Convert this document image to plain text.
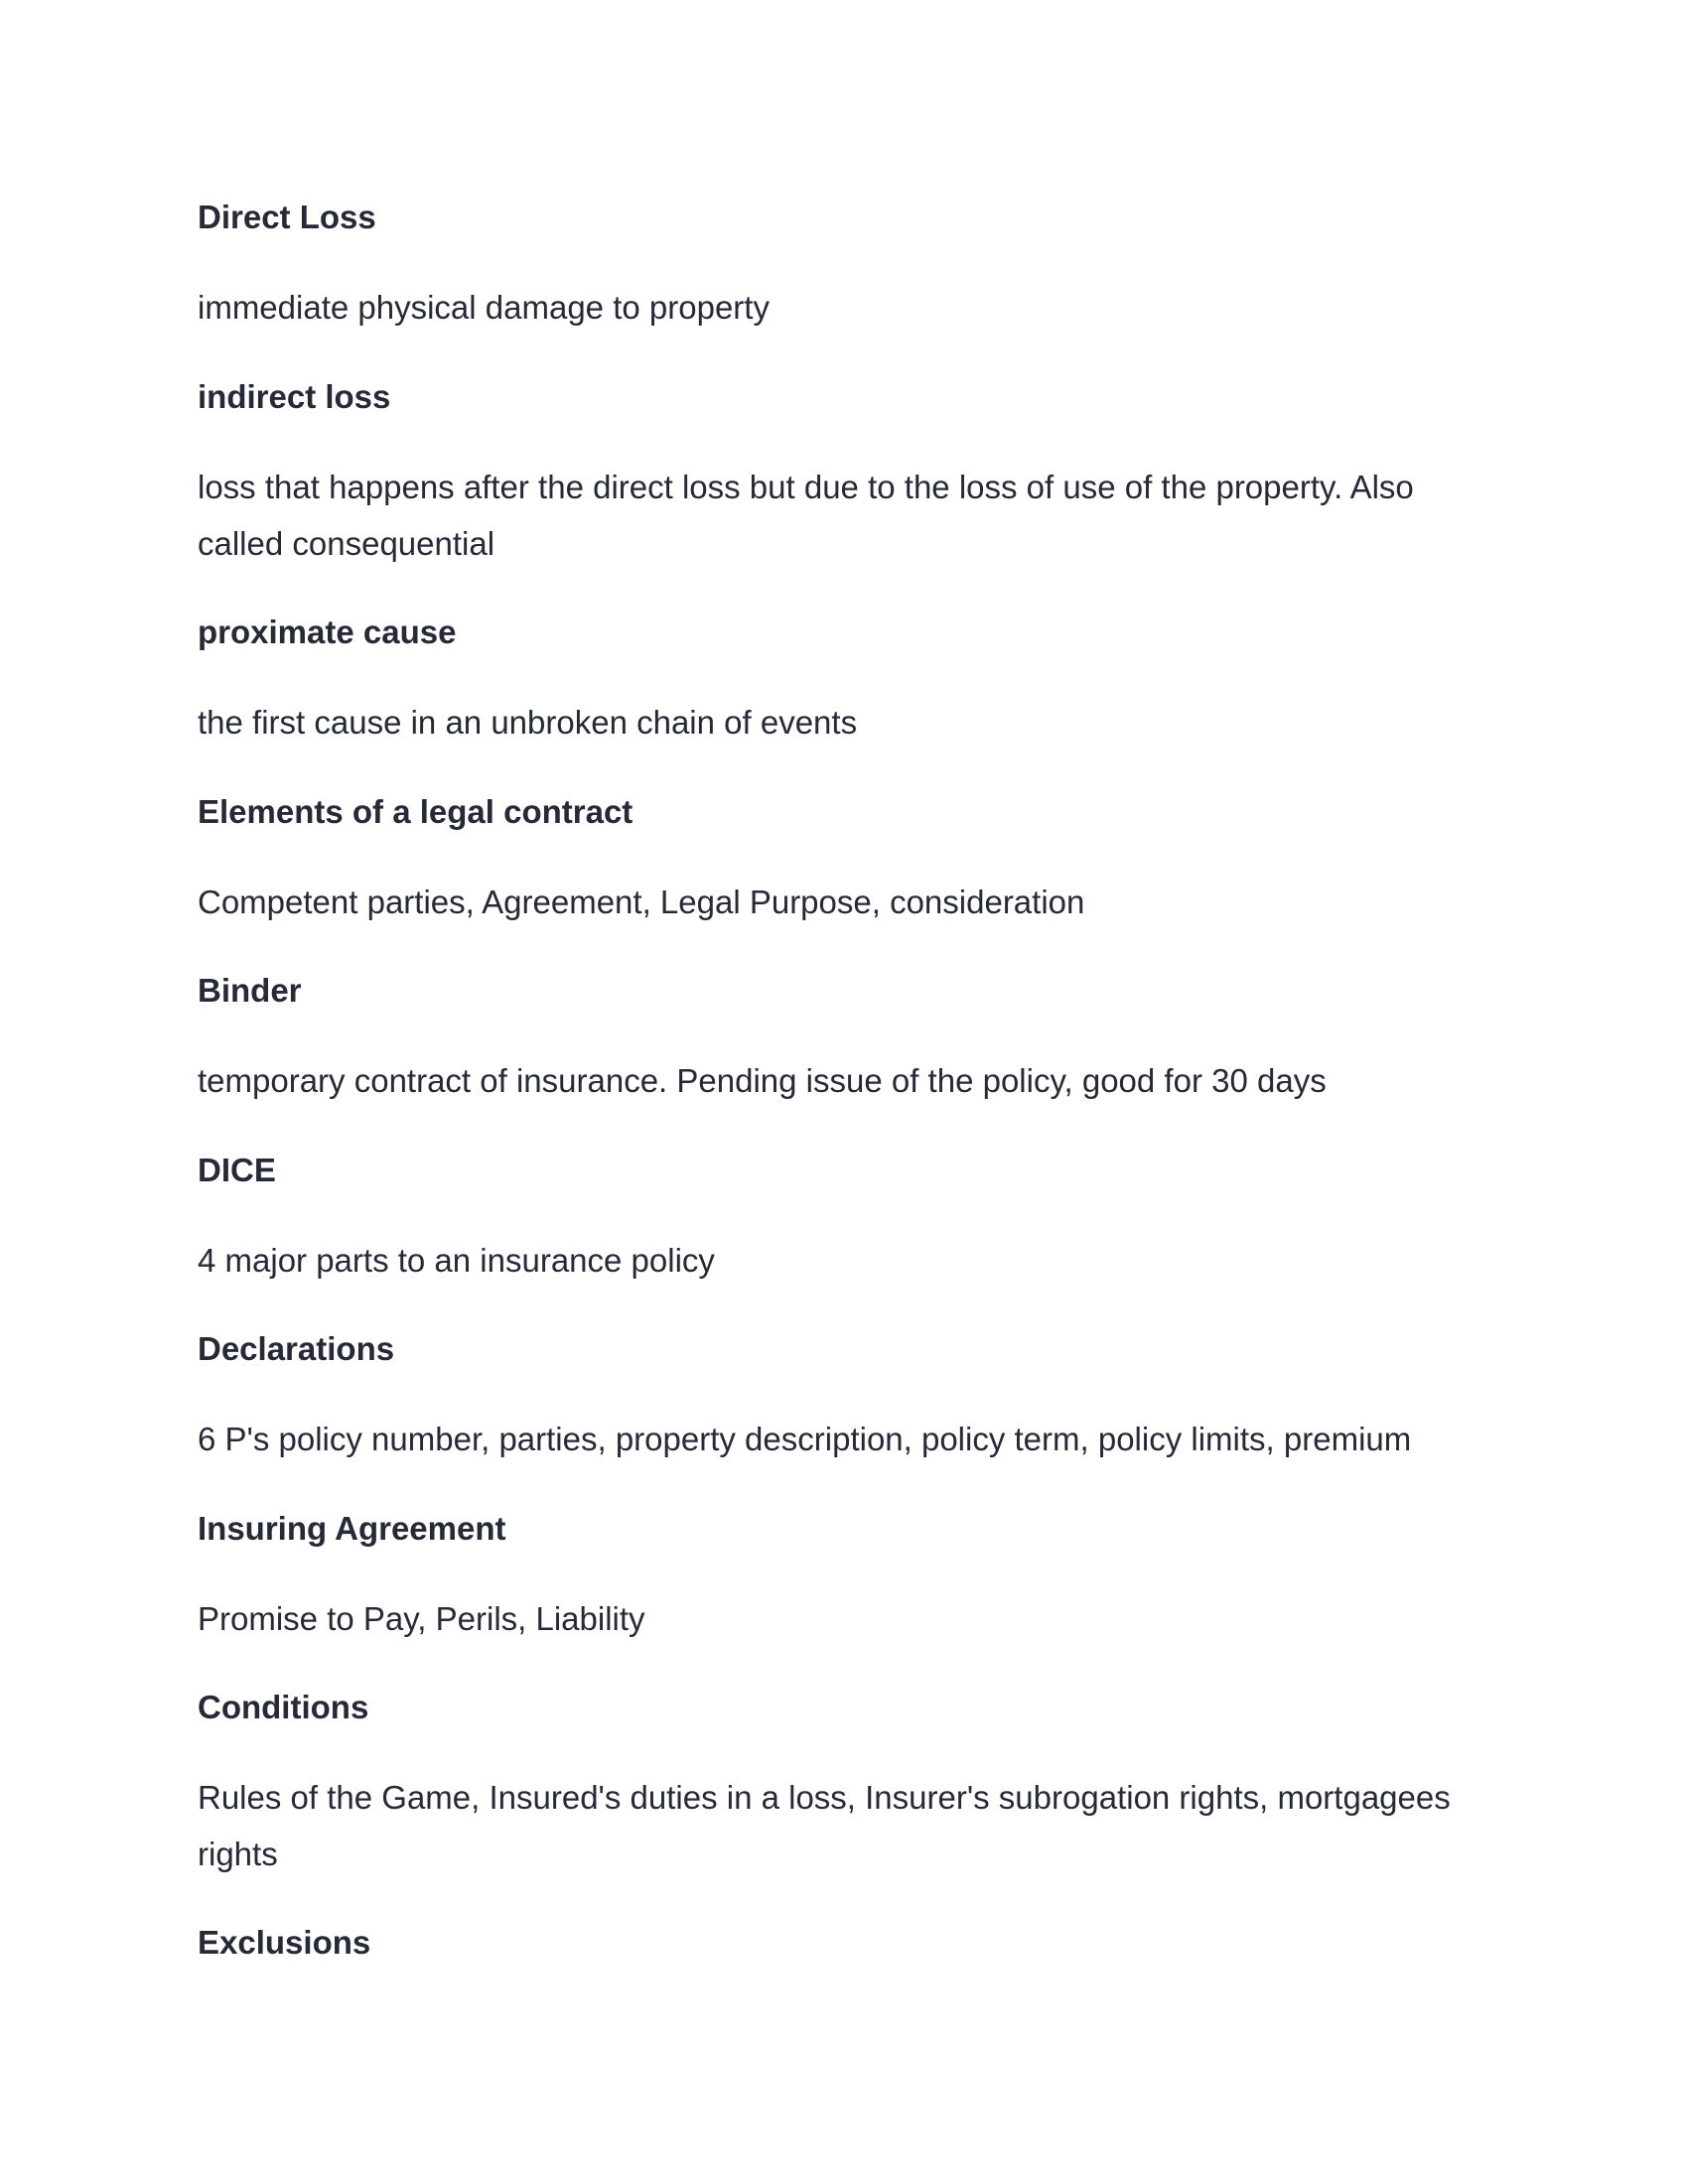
Direct Loss
immediate physical damage to property
indirect loss
loss that happens after the direct loss but due to the loss of use of the property. Also called consequential
proximate cause
the first cause in an unbroken chain of events
Elements of a legal contract
Competent parties, Agreement, Legal Purpose, consideration
Binder
temporary contract of insurance. Pending issue of the policy, good for 30 days
DICE
4 major parts to an insurance policy
Declarations
6 P's policy number, parties, property description, policy term, policy limits, premium
Insuring Agreement
Promise to Pay, Perils, Liability
Conditions
Rules of the Game, Insured's duties in a loss, Insurer's subrogation rights, mortgagees rights
Exclusions
